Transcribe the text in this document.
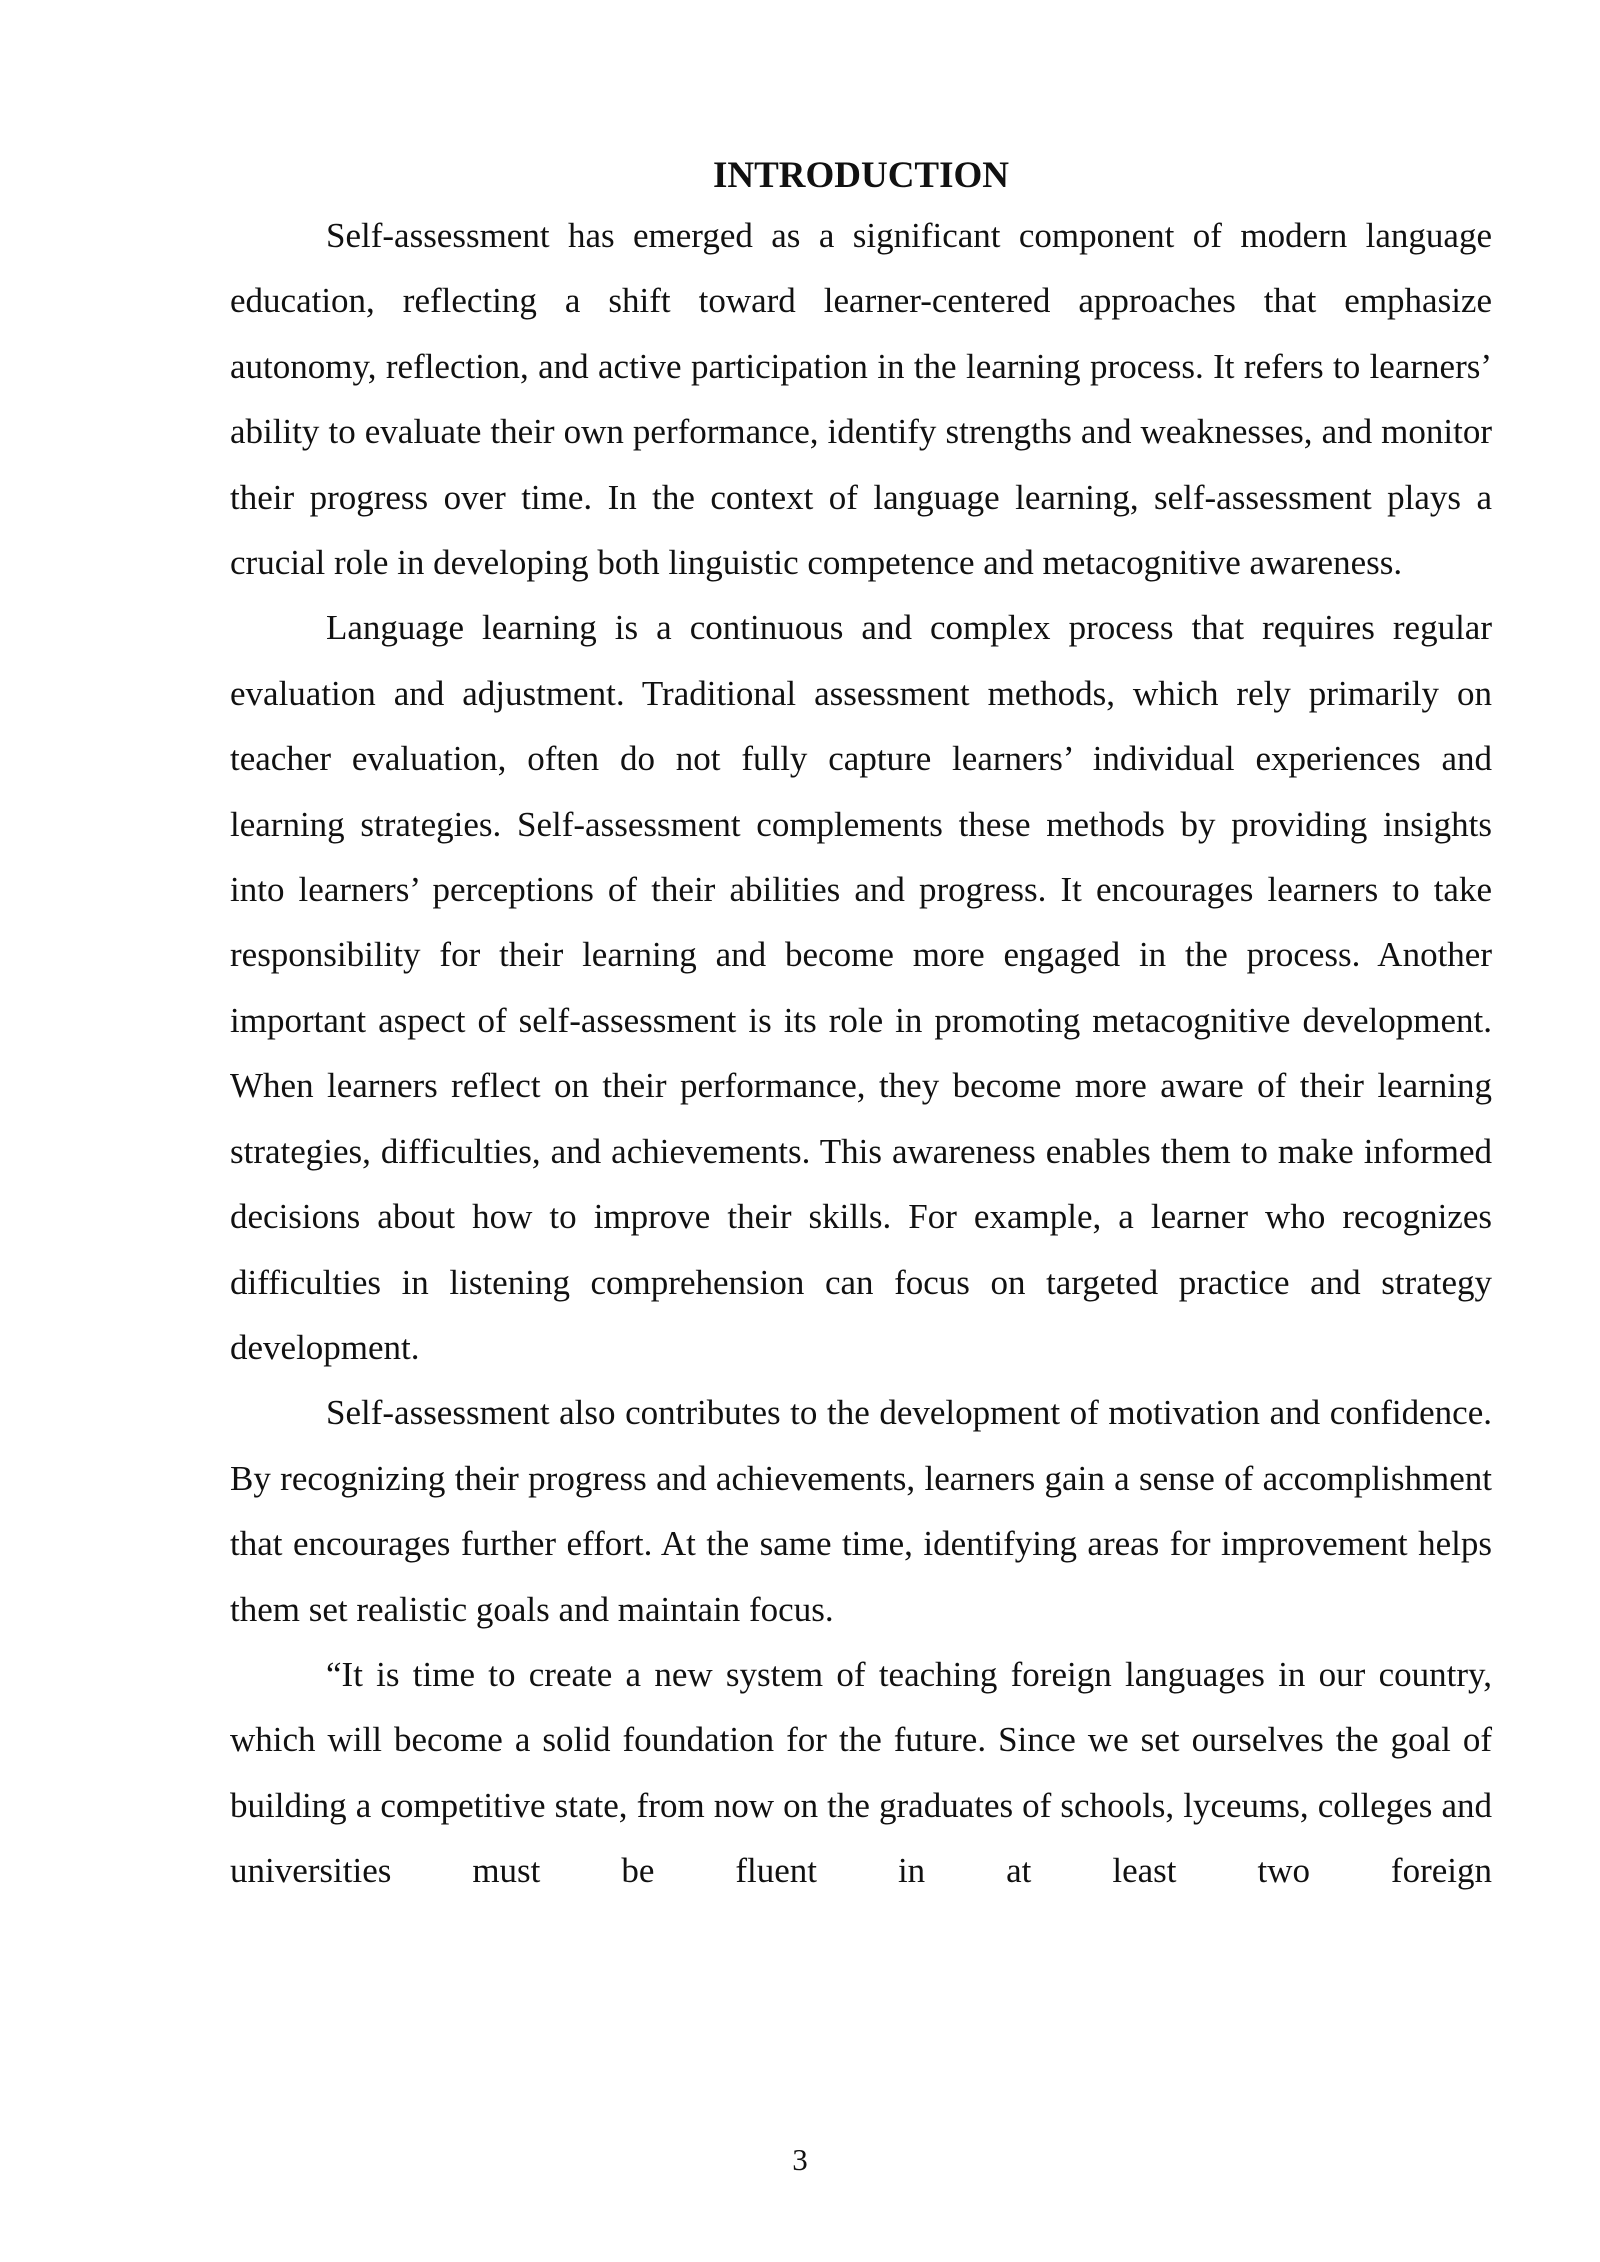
INTRODUCTION

Self-assessment has emerged as a significant component of modern language education, reflecting a shift toward learner-centered approaches that emphasize autonomy, reflection, and active participation in the learning process. It refers to learners’ ability to evaluate their own performance, identify strengths and weaknesses, and monitor their progress over time. In the context of language learning, self-assessment plays a crucial role in developing both linguistic competence and metacognitive awareness.

Language learning is a continuous and complex process that requires regular evaluation and adjustment. Traditional assessment methods, which rely primarily on teacher evaluation, often do not fully capture learners’ individual experiences and learning strategies. Self-assessment complements these methods by providing insights into learners’ perceptions of their abilities and progress. It encourages learners to take responsibility for their learning and become more engaged in the process. Another important aspect of self-assessment is its role in promoting metacognitive development. When learners reflect on their performance, they become more aware of their learning strategies, difficulties, and achievements. This awareness enables them to make informed decisions about how to improve their skills. For example, a learner who recognizes difficulties in listening comprehension can focus on targeted practice and strategy development.

Self-assessment also contributes to the development of motivation and confidence. By recognizing their progress and achievements, learners gain a sense of accomplishment that encourages further effort. At the same time, identifying areas for improvement helps them set realistic goals and maintain focus.

“It is time to create a new system of teaching foreign languages in our country, which will become a solid foundation for the future. Since we set ourselves the goal of building a competitive state, from now on the graduates of schools, lyceums, colleges and universities must be fluent in at least two foreign

3
